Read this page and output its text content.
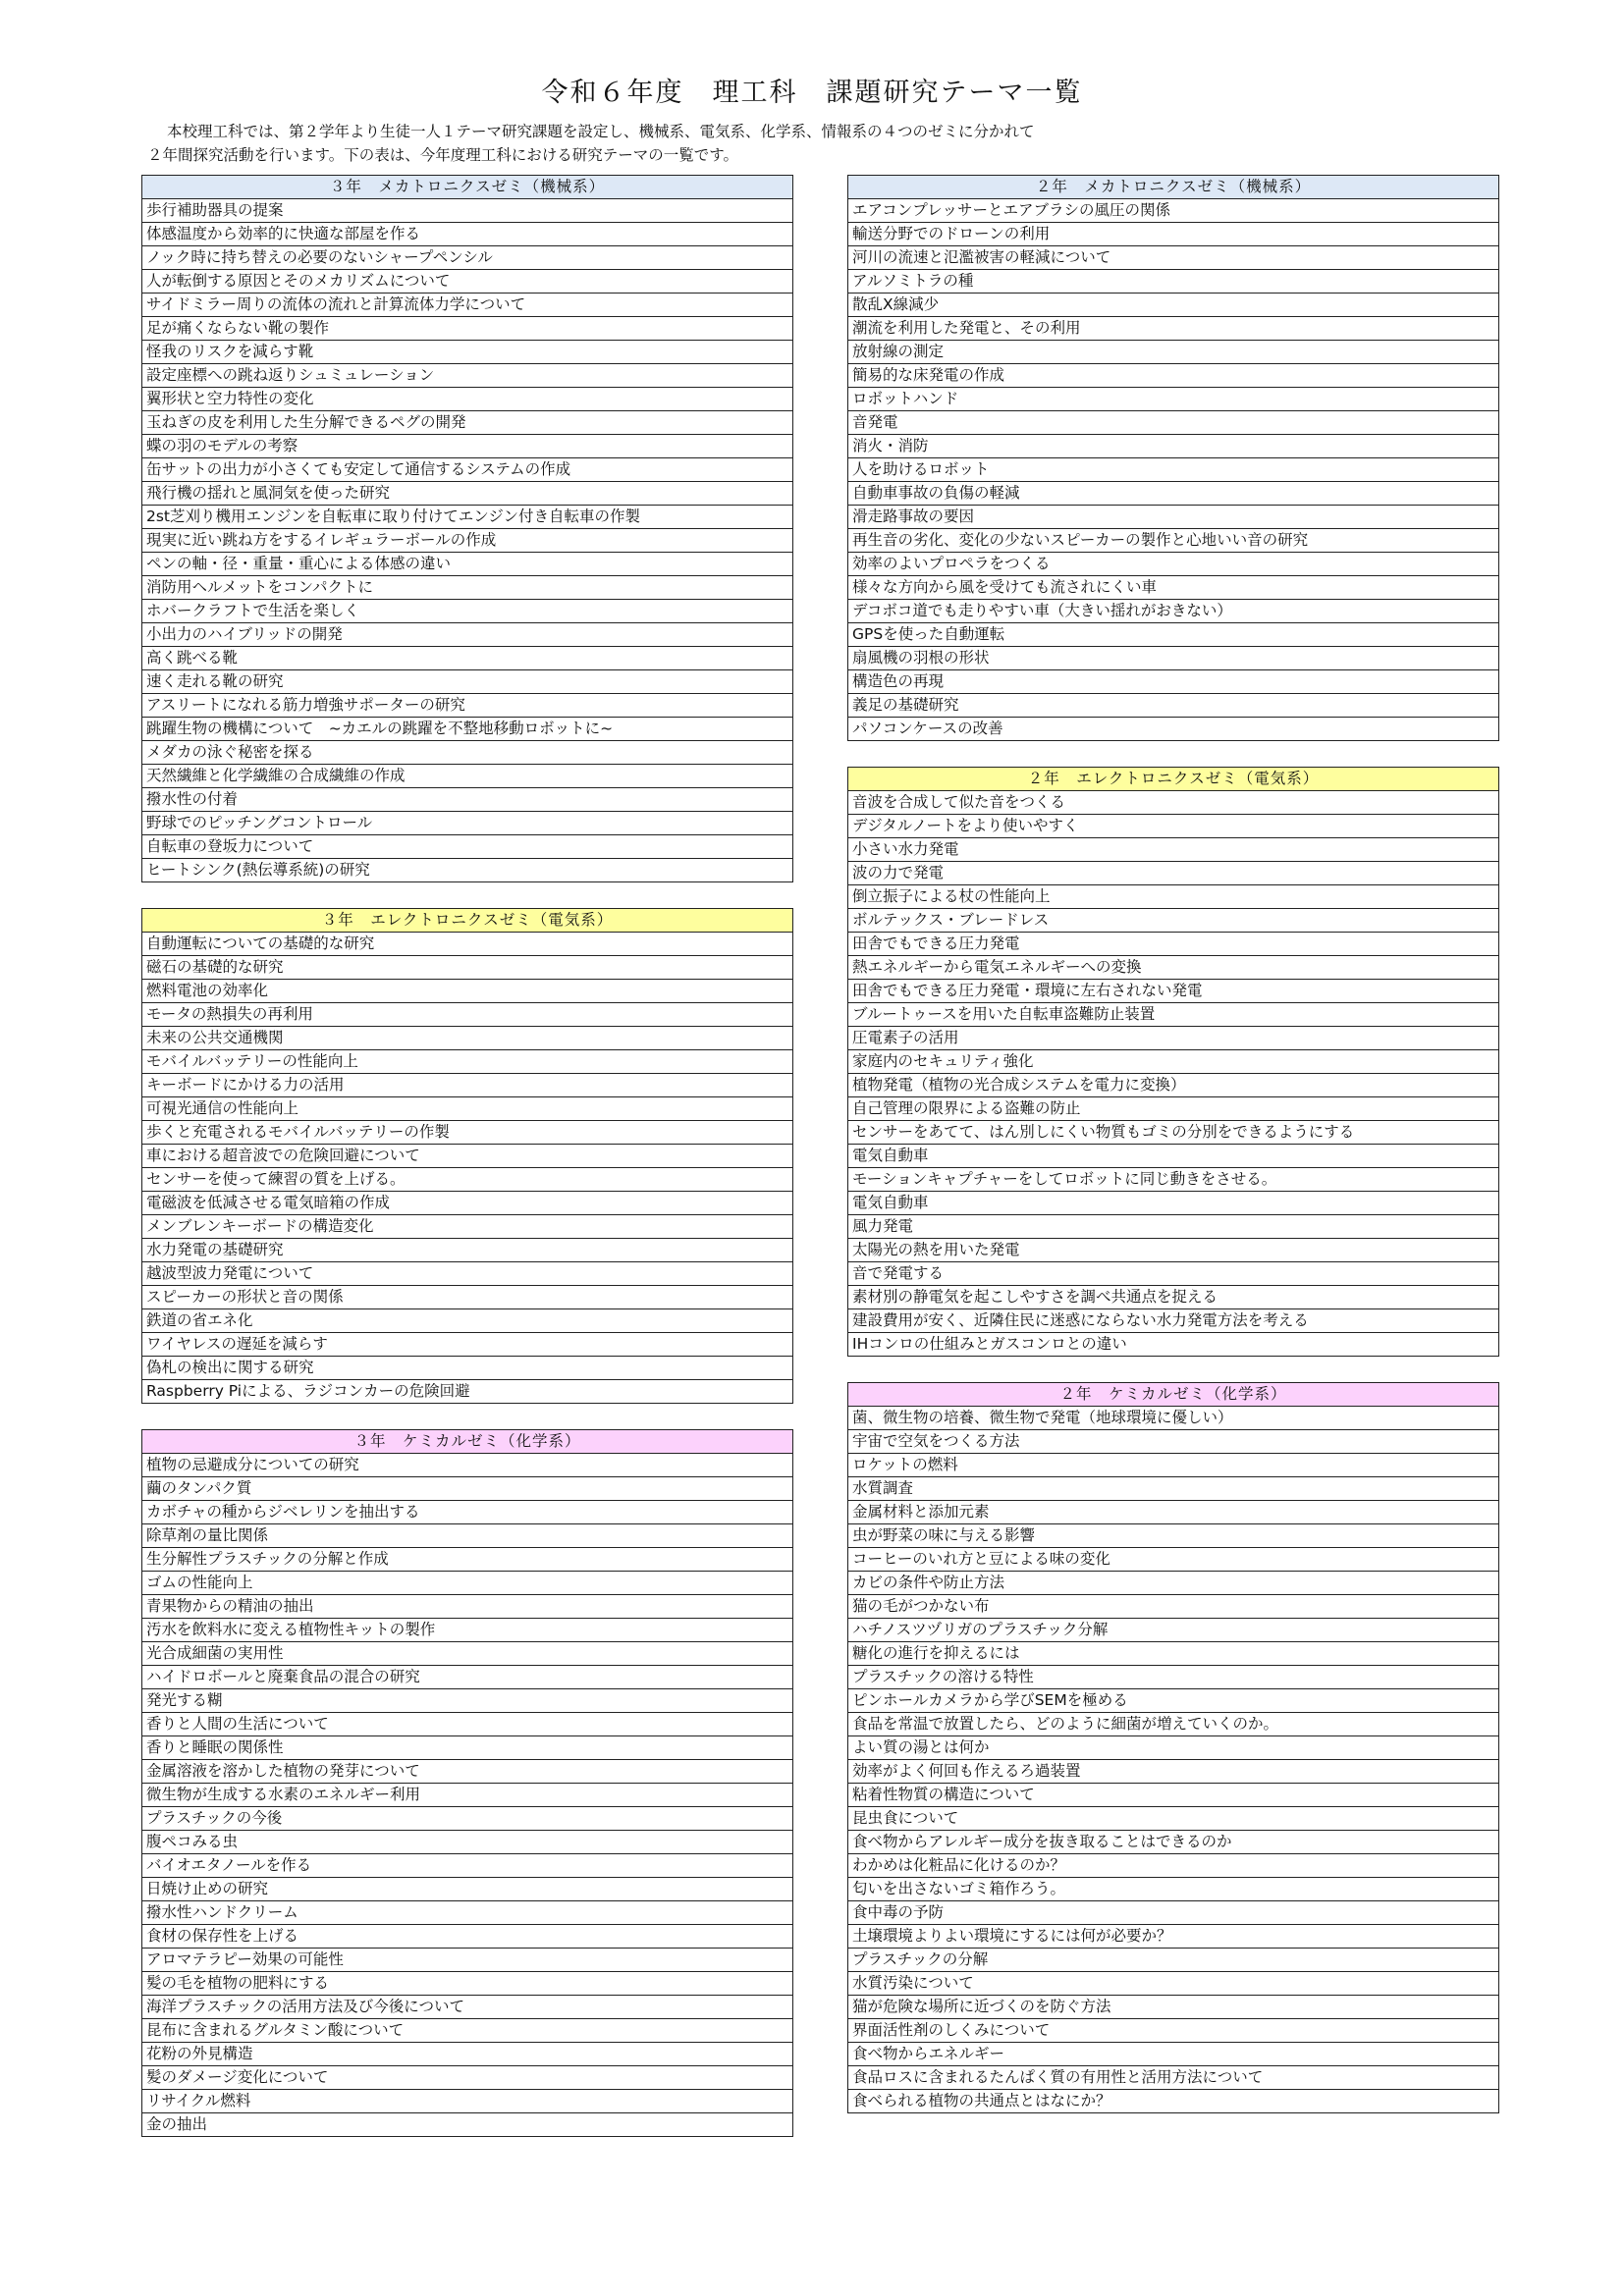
令和６年度　理工科　課題研究テーマ一覧
本校理工科では、第２学年より生徒一人１テーマ研究課題を設定し、機械系、電気系、化学系、情報系の４つのゼミに分かれて
２年間探究活動を行います。下の表は、今年度理工科における研究テーマの一覧です。
３年　メカトロニクスゼミ（機械系）
歩行補助器具の提案
体感温度から効率的に快適な部屋を作る
ノック時に持ち替えの必要のないシャープペンシル
人が転倒する原因とそのメカリズムについて
サイドミラー周りの流体の流れと計算流体力学について
足が痛くならない靴の製作
怪我のリスクを減らす靴
設定座標への跳ね返りシュミュレーション
翼形状と空力特性の変化
玉ねぎの皮を利用した生分解できるペグの開発
蝶の羽のモデルの考察
缶サットの出力が小さくても安定して通信するシステムの作成
飛行機の揺れと風洞気を使った研究
2st芝刈り機用エンジンを自転車に取り付けてエンジン付き自転車の作製
現実に近い跳ね方をするイレギュラーボールの作成
ペンの軸・径・重量・重心による体感の違い
消防用ヘルメットをコンパクトに
ホバークラフトで生活を楽しく
小出力のハイブリッドの開発
高く跳べる靴
速く走れる靴の研究
アスリートになれる筋力増強サポーターの研究
跳躍生物の機構について　~カエルの跳躍を不整地移動ロボットに~
メダカの泳ぐ秘密を探る
天然繊維と化学繊維の合成繊維の作成
撥水性の付着
野球でのピッチングコントロール
自転車の登坂力について
ヒートシンク(熱伝導系統)の研究
３年　エレクトロニクスゼミ（電気系）
自動運転についての基礎的な研究
磁石の基礎的な研究
燃料電池の効率化
モータの熱損失の再利用
未来の公共交通機関
モバイルバッテリーの性能向上
キーボードにかける力の活用
可視光通信の性能向上
歩くと充電されるモバイルバッテリーの作製
車における超音波での危険回避について
センサーを使って練習の質を上げる。
電磁波を低減させる電気暗箱の作成
メンブレンキーボードの構造変化
水力発電の基礎研究
越波型波力発電について
スピーカーの形状と音の関係
鉄道の省エネ化
ワイヤレスの遅延を減らす
偽札の検出に関する研究
Raspberry Piによる、ラジコンカーの危険回避
３年　ケミカルゼミ（化学系）
植物の忌避成分についての研究
繭のタンパク質
カボチャの種からジベレリンを抽出する
除草剤の量比関係
生分解性プラスチックの分解と作成
ゴムの性能向上
青果物からの精油の抽出
汚水を飲料水に変える植物性キットの製作
光合成細菌の実用性
ハイドロボールと廃棄食品の混合の研究
発光する糊
香りと人間の生活について
香りと睡眠の関係性
金属溶液を溶かした植物の発芽について
微生物が生成する水素のエネルギー利用
プラスチックの今後
腹ペコみる虫
バイオエタノールを作る
日焼け止めの研究
撥水性ハンドクリーム
食材の保存性を上げる
アロマテラピー効果の可能性
髪の毛を植物の肥料にする
海洋プラスチックの活用方法及び今後について
昆布に含まれるグルタミン酸について
花粉の外見構造
髪のダメージ変化について
リサイクル燃料
金の抽出
２年　メカトロニクスゼミ（機械系）
エアコンプレッサーとエアブラシの風圧の関係
輸送分野でのドローンの利用
河川の流速と氾濫被害の軽減について
アルソミトラの種
散乱X線減少
潮流を利用した発電と、その利用
放射線の測定
簡易的な床発電の作成
ロボットハンド
音発電
消火・消防
人を助けるロボット
自動車事故の負傷の軽減
滑走路事故の要因
再生音の劣化、変化の少ないスピーカーの製作と心地いい音の研究
効率のよいプロペラをつくる
様々な方向から風を受けても流されにくい車
デコボコ道でも走りやすい車（大きい揺れがおきない）
GPSを使った自動運転
扇風機の羽根の形状
構造色の再現
義足の基礎研究
パソコンケースの改善
２年　エレクトロニクスゼミ（電気系）
音波を合成して似た音をつくる
デジタルノートをより使いやすく
小さい水力発電
波の力で発電
倒立振子による杖の性能向上
ボルテックス・ブレードレス
田舎でもできる圧力発電
熱エネルギーから電気エネルギーへの変換
田舎でもできる圧力発電・環境に左右されない発電
ブルートゥースを用いた自転車盗難防止装置
圧電素子の活用
家庭内のセキュリティ強化
植物発電（植物の光合成システムを電力に変換）
自己管理の限界による盗難の防止
センサーをあてて、はん別しにくい物質もゴミの分別をできるようにする
電気自動車
モーションキャプチャーをしてロボットに同じ動きをさせる。
電気自動車
風力発電
太陽光の熱を用いた発電
音で発電する
素材別の静電気を起こしやすさを調べ共通点を捉える
建設費用が安く、近隣住民に迷惑にならない水力発電方法を考える
IHコンロの仕組みとガスコンロとの違い
２年　ケミカルゼミ（化学系）
菌、微生物の培養、微生物で発電（地球環境に優しい）
宇宙で空気をつくる方法
ロケットの燃料
水質調査
金属材料と添加元素
虫が野菜の味に与える影響
コーヒーのいれ方と豆による味の変化
カビの条件や防止方法
猫の毛がつかない布
ハチノスツヅリガのプラスチック分解
糖化の進行を抑えるには
プラスチックの溶ける特性
ピンホールカメラから学びSEMを極める
食品を常温で放置したら、どのように細菌が増えていくのか。
よい質の湯とは何か
効率がよく何回も作えるろ過装置
粘着性物質の構造について
昆虫食について
食べ物からアレルギー成分を抜き取ることはできるのか
わかめは化粧品に化けるのか？
匂いを出さないゴミ箱作ろう。
食中毒の予防
土壌環境よりよい環境にするには何が必要か？
プラスチックの分解
水質汚染について
猫が危険な場所に近づくのを防ぐ方法
界面活性剤のしくみについて
食べ物からエネルギー
食品ロスに含まれるたんぱく質の有用性と活用方法について
食べられる植物の共通点とはなにか？
